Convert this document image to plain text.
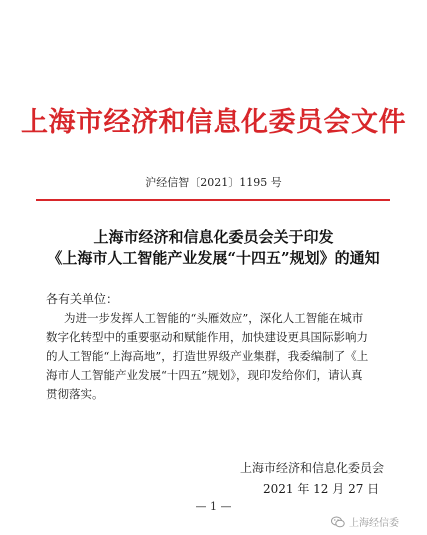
上海市经济和信息化委员会文件
沪经信智〔2021〕1195 号
上海市经济和信息化委员会关于印发
《上海市人工智能产业发展“十四五”规划》的通知
各有关单位：
为进一步发挥人工智能的“头雁效应”，深化人工智能在城市
数字化转型中的重要驱动和赋能作用，加快建设更具国际影响力
的人工智能“上海高地”，打造世界级产业集群，我委编制了《上
海市人工智能产业发展“十四五”规划》，现印发给你们，请认真
贯彻落实。
上海市经济和信息化委员会
2021 年 12 月 27 日
— 1 —
上海经信委
